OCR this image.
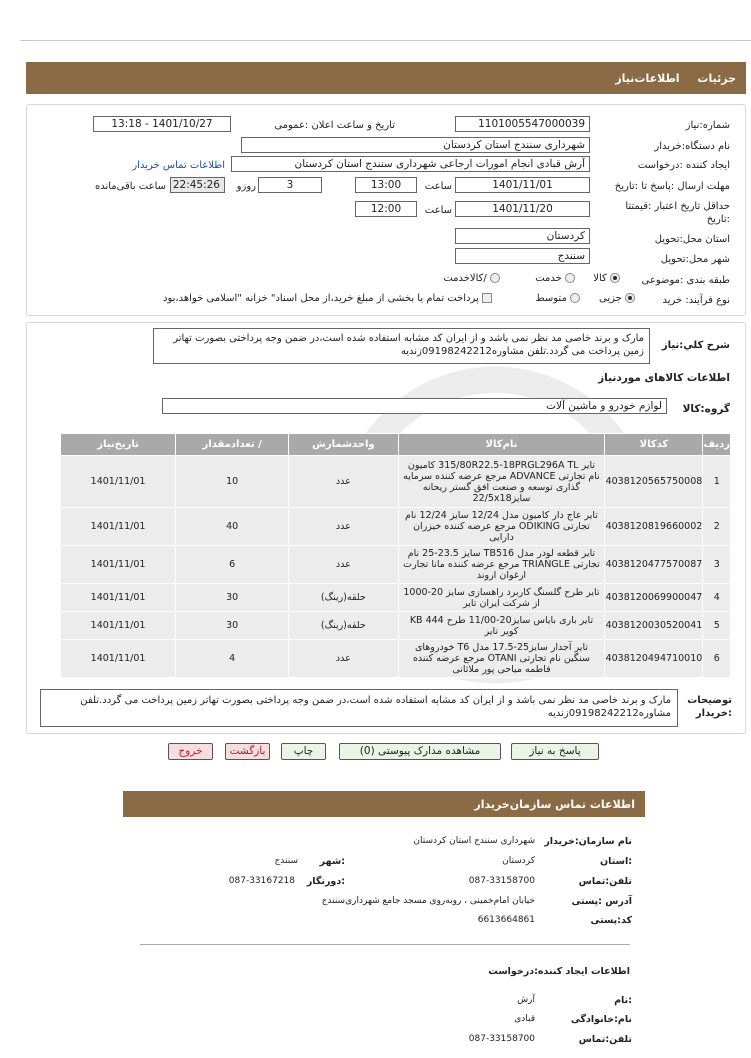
جزئیات اطلاعات‌نیاز
شماره:نیاز
1101005547000039
تاریخ و ساعت اعلان :عمومی
1401/10/27 - 13:18
نام دستگاه:خریدار
شهرداری سنندج استان کردستان
ایجاد کننده :درخواست
آرش قبادی انجام امورات ارجاعی شهرداری سنندج استان کردستان
اطلاعات تماس خریدار
مهلت ارسال :پاسخ تا :تاریخ
1401/11/01
ساعت
13:00
3
روزو
22:45:26
ساعت باقی‌مانده
حداقل تاریخ اعتبار :قیمتتا :تاریخ
1401/11/20
ساعت
12:00
استان محل:تحویل
کردستان
شهر محل:تحویل
سنندج
طبقه بندی :موضوعی
کالا
خدمت
/کالاخدمت
نوع فرآیند: خرید
جزیی
متوسط
پرداخت تمام یا بخشی از مبلغ خرید،از محل اسناد" خزانه "اسلامی خواهد،بود
شرح کلي:نياز
مارک و برند خاصی مد نظر نمی باشد و از ایران کد مشابه استفاده شده است،در ضمن وجه پرداختی بصورت تهاتر زمین پرداخت می گردد.تلفن مشاوره09198242212زندیه
اطلاعات کالاهای موردنیاز
گروه:کالا
لوازم خودرو و ماشین آلات
ردیف	کدکالا	نام‌کالا	واحدشمارش	/ تعدادمقدار	تاریخ‌نیاز
1	4038120565750008	تایر 315/80R22.5-18PRGL296A TL کامیون نام تجارتی ADVANCE مرجع عرضه کننده سرمایه گذاری توسعه و صنعت افق گستر ریحانه سایز22/5x18	عدد	10	1401/11/01
2	4038120819660002	تایر عاج دار کامیون مدل 12/24 سایز 12/24 نام تجارتی ODIKING مرجع عرضه کننده خیزران دارایی	عدد	40	1401/11/01
3	4038120477570087	تایر قطعه لودر مدل TB516 سایز 23.5-25 نام تجارتی TRIANGLE مرجع عرضه کننده مانا تجارت ارغوان اروند	عدد	6	1401/11/01
4	4038120069900047	تایر طرح گلسنگ کاربرد راهسازی سایز 20-1000 از شرکت ایران تایر	حلقه(رینگ)	30	1401/11/01
5	4038120030520041	تایر باری بایاس سایز20-11/00 طرح KB 444 کویر تایر	حلقه(رینگ)	30	1401/11/01
6	4038120494710010	تایر آجدار سایز25-17.5 مدل T6 خودروهای سنگین نام تجارتی OTANI مرجع عرضه کننده فاطمه میاحی پور ملاثانی	عدد	4	1401/11/01
توضیحات :خریدار
مارک و برند خاصی مد نظر نمی باشد و از ایران کد مشابه استفاده شده است،در ضمن وجه پرداختی بصورت تهاتر زمین پرداخت می گردد.تلفن مشاوره09198242212زندیه
پاسخ به نیاز
مشاهده مدارک پیوستی (0)
چاپ
بازگشت
خروج
اطلاعات تماس سازمان‌خریدار
نام سازمان:خریدار
شهرداری سنندج استان کردستان
:استان
کردستان
:شهر
سنندج
تلفن:تماس
087-33158700
:دورنگار
087-33167218
آدرس :پستی
خیابان امام‌خمینی ، روبه‌روی مسجد جامع شهرداری‌سنندج
کد:پستی
6613664861
اطلاعات ایجاد کننده:درخواست
:نام
آرش
نام:خانوادگی
قبادی
تلفن:تماس
087-33158700
